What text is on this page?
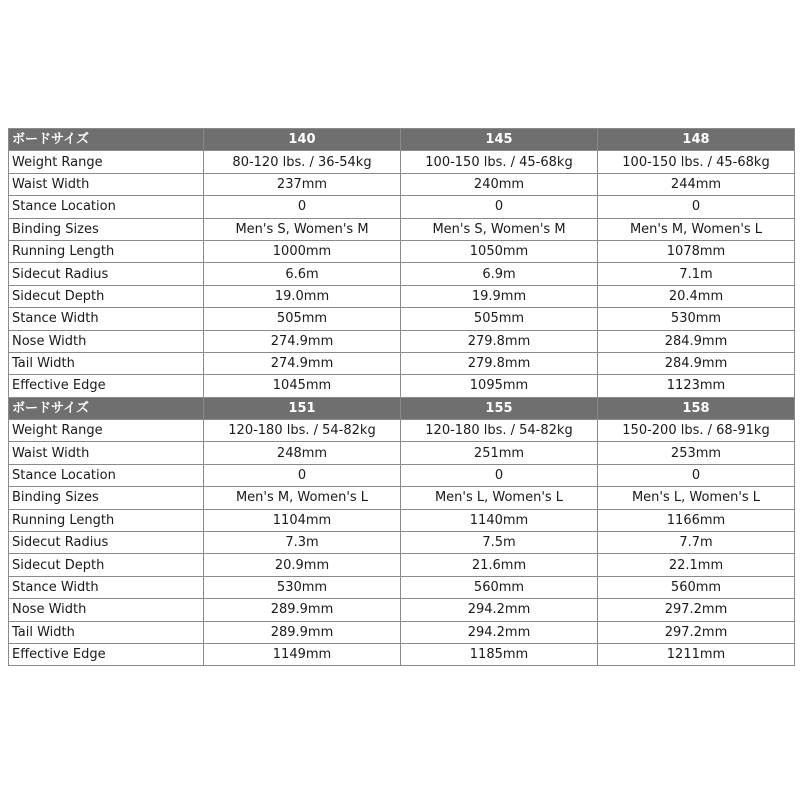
ボードサイズ	140	145	148
Weight Range	80-120 lbs. / 36-54kg	100-150 lbs. / 45-68kg	100-150 lbs. / 45-68kg
Waist Width	237mm	240mm	244mm
Stance Location	0	0	0
Binding Sizes	Men's S, Women's M	Men's S, Women's M	Men's M, Women's L
Running Length	1000mm	1050mm	1078mm
Sidecut Radius	6.6m	6.9m	7.1m
Sidecut Depth	19.0mm	19.9mm	20.4mm
Stance Width	505mm	505mm	530mm
Nose Width	274.9mm	279.8mm	284.9mm
Tail Width	274.9mm	279.8mm	284.9mm
Effective Edge	1045mm	1095mm	1123mm
ボードサイズ	151	155	158
Weight Range	120-180 lbs. / 54-82kg	120-180 lbs. / 54-82kg	150-200 lbs. / 68-91kg
Waist Width	248mm	251mm	253mm
Stance Location	0	0	0
Binding Sizes	Men's M, Women's L	Men's L, Women's L	Men's L, Women's L
Running Length	1104mm	1140mm	1166mm
Sidecut Radius	7.3m	7.5m	7.7m
Sidecut Depth	20.9mm	21.6mm	22.1mm
Stance Width	530mm	560mm	560mm
Nose Width	289.9mm	294.2mm	297.2mm
Tail Width	289.9mm	294.2mm	297.2mm
Effective Edge	1149mm	1185mm	1211mm
